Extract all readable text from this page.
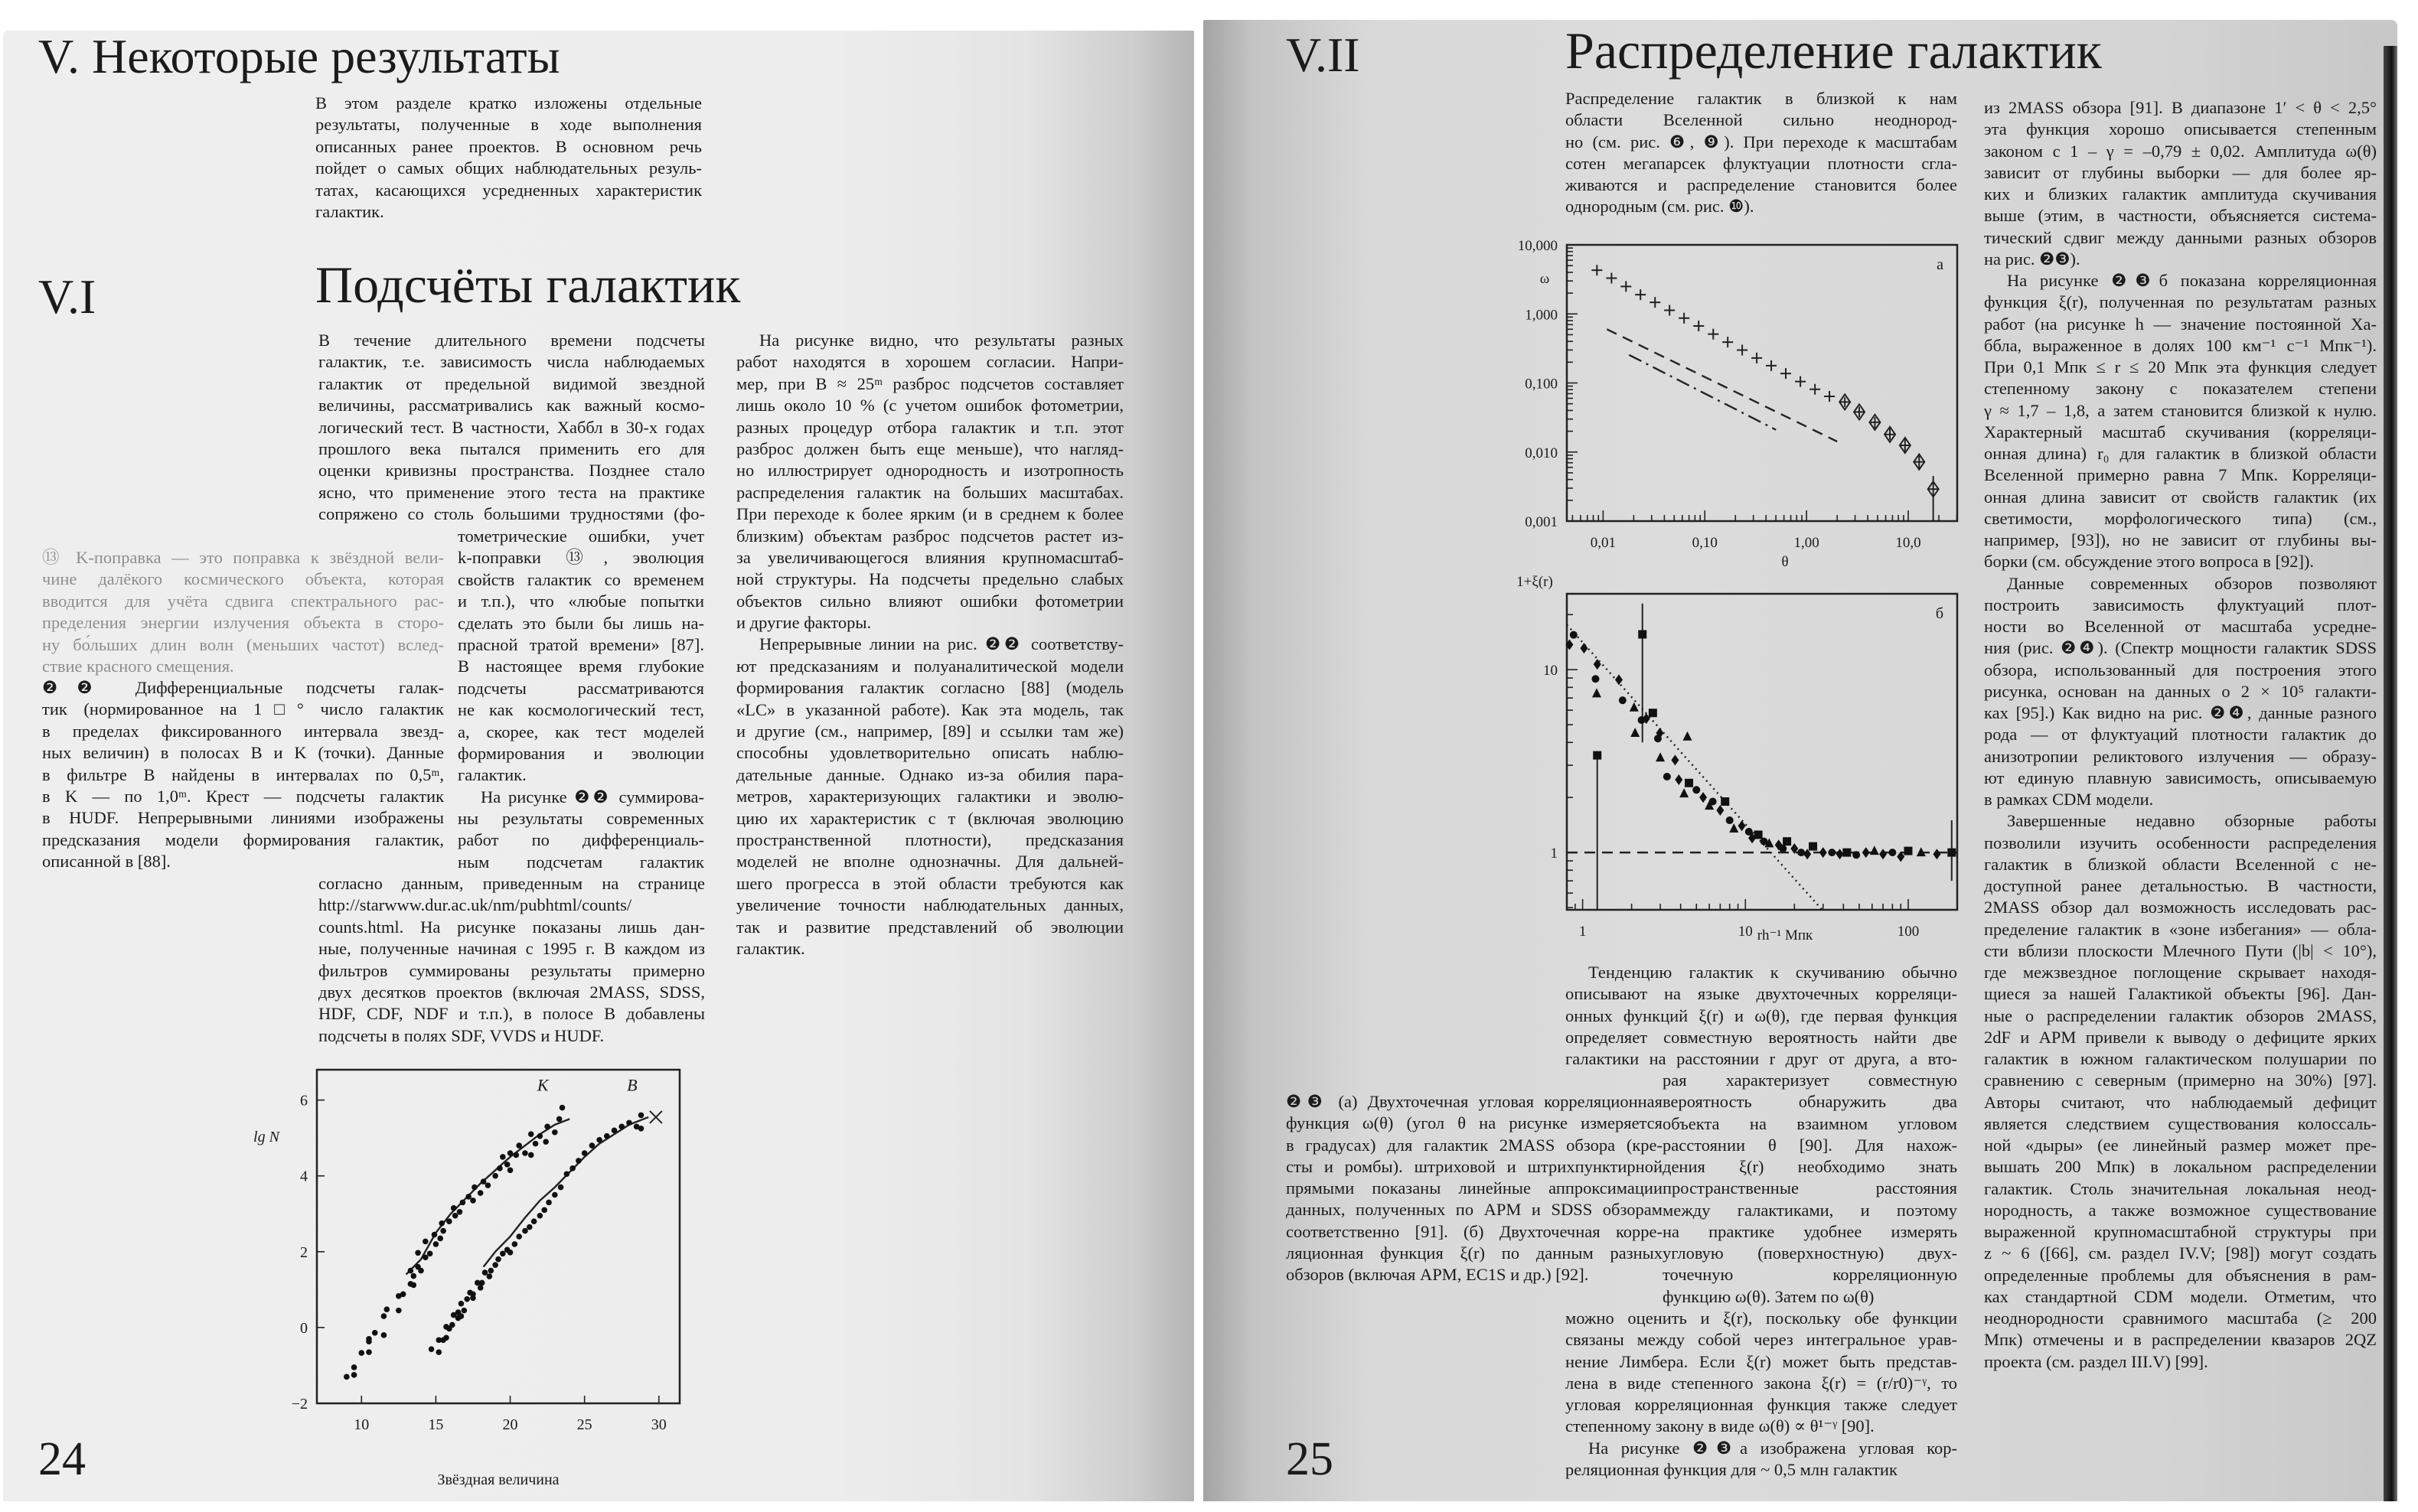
V. Некоторые результаты
В этом разделе кратко изложены отдельные
результаты, полученные в ходе выполнения
описанных ранее проектов. В основном речь
пойдет о самых общих наблюдательных резуль-
татах, касающихся усредненных характеристик
галактик.
V.I	Подсчёты галактик
В течение длительного времени подсчеты
галактик, т.е. зависимость числа наблюдаемых
галактик от предельной видимой звездной
величины, рассматривались как важный космо-
логический тест. В частности, Хаббл в 30-х годах
прошлого века пытался применить его для
оценки кривизны пространства. Позднее стало
ясно, что применение этого теста на практике
сопряжено со столь большими трудностями (фо-
тометрические ошибки, учет
k-поправки ⑬, эволюция
свойств галактик со временем
и т.п.), что «любые попытки
сделать это были бы лишь на-
прасной тратой времени» [87].
В настоящее время глубокие
подсчеты рассматриваются
не как космологический тест,
а, скорее, как тест моделей
формирования и эволюции
галактик.
На рисунке ❷❷ суммирова-
ны результаты современных
работ по дифференциаль-
ным подсчетам галактик
согласно данным, приведенным на странице
http://starwww.dur.ac.uk/nm/pubhtml/counts/
counts.html. На рисунке показаны лишь дан-
ные, полученные начиная с 1995 г. В каждом из
фильтров суммированы результаты примерно
двух десятков проектов (включая 2MASS, SDSS,
HDF, CDF, NDF и т.п.), в полосе B добавлены
подсчеты в полях SDF, VVDS и HUDF.
На рисунке видно, что результаты разных
работ находятся в хорошем согласии. Напри-
мер, при B ≈ 25ᵐ разброс подсчетов составляет
лишь около 10 % (с учетом ошибок фотометрии,
разных процедур отбора галактик и т.п. этот
разброс должен быть еще меньше), что нагляд-
но иллюстрирует однородность и изотропность
распределения галактик на больших масштабах.
При переходе к более ярким (и в среднем к более
близким) объектам разброс подсчетов растет из-
за увеличивающегося влияния крупномасштаб-
ной структуры. На подсчеты предельно слабых
объектов сильно влияют ошибки фотометрии
и другие факторы.
Непрерывные линии на рис. ❷❷ соответству-
ют предсказаниям и полуаналитической модели
формирования галактик согласно [88] (модель
«LC» в указанной работе). Как эта модель, так
и другие (см., например, [89] и ссылки там же)
способны удовлетворительно описать наблю-
дательные данные. Однако из-за обилия пара-
метров, характеризующих галактики и эволю-
цию их характеристик с т (включая эволюцию
пространственной плотности), предсказания
моделей не вполне однозначны. Для дальней-
шего прогресса в этой области требуются как
увеличение точности наблюдательных данных,
так и развитие представлений об эволюции
галактик.
⑬ K-поправка — это поправка к звёздной вели-
чине далёкого космического объекта, которая
вводится для учёта сдвига спектрального рас-
пределения энергии излучения объекта в сторо-
ну бо́льших длин волн (меньших частот) вслед-
ствие красного смещения.
❷❷ Дифференциальные подсчеты галак-
тик (нормированное на 1□° число галактик
в пределах фиксированного интервала звезд-
ных величин) в полосах B и K (точки). Данные
в фильтре B найдены в интервалах по 0,5ᵐ,
в K — по 1,0ᵐ. Крест — подсчеты галактик
в HUDF. Непрерывными линиями изображены
предсказания модели формирования галактик,
описанной в [88].
10	15	20	25	30
6
4
2
0
−2
Звёздная величина
lg N
K	B
24
V.II	Распределение галактик
Распределение галактик в близкой к нам
области Вселенной сильно неоднород-
но (см. рис. ❻, ❾). При переходе к масштабам
сотен мегапарсек флуктуации плотности сгла-
живаются и распределение становится более
однородным (см. рис. ❿).
0,01	0,10	1,00	10,0
10,000
1,000
0,100
0,010
0,001
θ
ω
а
1	10	100
10
1
rh⁻¹ Мпк
1+ξ(r)
б
Тенденцию галактик к скучиванию обычно
описывают на языке двухточечных корреляци-
онных функций ξ(r) и ω(θ), где первая функция
определяет совместную вероятность найти две
галактики на расстоянии r друг от друга, а вто-
рая характеризует совместную
вероятность обнаружить два
объекта на взаимном угловом
расстоянии θ [90]. Для нахож-
дения ξ(r) необходимо знать
пространственные расстояния
между галактиками, и поэтому
на практике удобнее измерять
угловую (поверхностную) двух-
точечную корреляционную
функцию ω(θ). Затем по ω(θ)
можно оценить и ξ(r), поскольку обе функции
связаны между собой через интегральное урав-
нение Лимбера. Если ξ(r) может быть представ-
лена в виде степенного закона ξ(r) = (r/r0)⁻ᵞ, то
угловая корреляционная функция также следует
степенному закону в виде ω(θ) ∝ θ¹⁻ᵞ [90].
На рисунке ❷❸а изображена угловая кор-
реляционная функция для ~ 0,5 млн галактик
из 2MASS обзора [91]. В диапазоне 1′ < θ < 2,5°
эта функция хорошо описывается степенным
законом с 1 – γ = –0,79 ± 0,02. Амплитуда ω(θ)
зависит от глубины выборки — для более яр-
ких и близких галактик амплитуда скучивания
выше (этим, в частности, объясняется система-
тический сдвиг между данными разных обзоров
на рис. ❷❸).
На рисунке ❷❸б показана корреляционная
функция ξ(r), полученная по результатам разных
работ (на рисунке h — значение постоянной Ха-
ббла, выраженное в долях 100 км⁻¹ с⁻¹ Мпк⁻¹).
При 0,1 Мпк ≤ r ≤ 20 Мпк эта функция следует
степенному закону с показателем степени
γ ≈ 1,7 – 1,8, а затем становится близкой к нулю.
Характерный масштаб скучивания (корреляци-
онная длина) r₀ для галактик в близкой области
Вселенной примерно равна 7 Мпк. Корреляци-
онная длина зависит от свойств галактик (их
светимости, морфологического типа) (см.,
например, [93]), но не зависит от глубины вы-
борки (см. обсуждение этого вопроса в [92]).
Данные современных обзоров позволяют
построить зависимость флуктуаций плот-
ности во Вселенной от масштаба усредне-
ния (рис. ❷❹). (Спектр мощности галактик SDSS
обзора, использованный для построения этого
рисунка, основан на данных о 2 × 10⁵ галакти-
ках [95].) Как видно на рис. ❷❹, данные разного
рода — от флуктуаций плотности галактик до
анизотропии реликтового излучения — образу-
ют единую плавную зависимость, описываемую
в рамках CDM модели.
Завершенные недавно обзорные работы
позволили изучить особенности распределения
галактик в близкой области Вселенной с не-
доступной ранее детальностью. В частности,
2MASS обзор дал возможность исследовать рас-
пределение галактик в «зоне избегания» — обла-
сти вблизи плоскости Млечного Пути (|b| < 10°),
где межзвездное поглощение скрывает находя-
щиеся за нашей Галактикой объекты [96]. Дан-
ные о распределении галактик обзоров 2MASS,
2dF и APM привели к выводу о дефиците ярких
галактик в южном галактическом полушарии по
сравнению с северным (примерно на 30%) [97].
Авторы считают, что наблюдаемый дефицит
является следствием существования колоссаль-
ной «дыры» (ее линейный размер может пре-
вышать 200 Мпк) в локальном распределении
галактик. Столь значительная локальная неод-
нородность, а также возможное существование
выраженной крупномасштабной структуры при
z ~ 6 ([66], см. раздел IV.V; [98]) могут создать
определенные проблемы для объяснения в рам-
ках стандартной CDM модели. Отметим, что
неоднородности сравнимого масштаба (≥ 200
Мпк) отмечены и в распределении квазаров 2QZ
проекта (см. раздел III.V) [99].
❷❸ (а) Двухточечная угловая корреляционная
функция ω(θ) (угол θ на рисунке измеряется
в градусах) для галактик 2MASS обзора (кре-
сты и ромбы). штриховой и штрихпунктирной
прямыми показаны линейные аппроксимации
данных, полученных по APM и SDSS обзорам
соответственно [91]. (б) Двухточечная корре-
ляционная функция ξ(r) по данным разных
обзоров (включая APM, EC1S и др.) [92].
25
